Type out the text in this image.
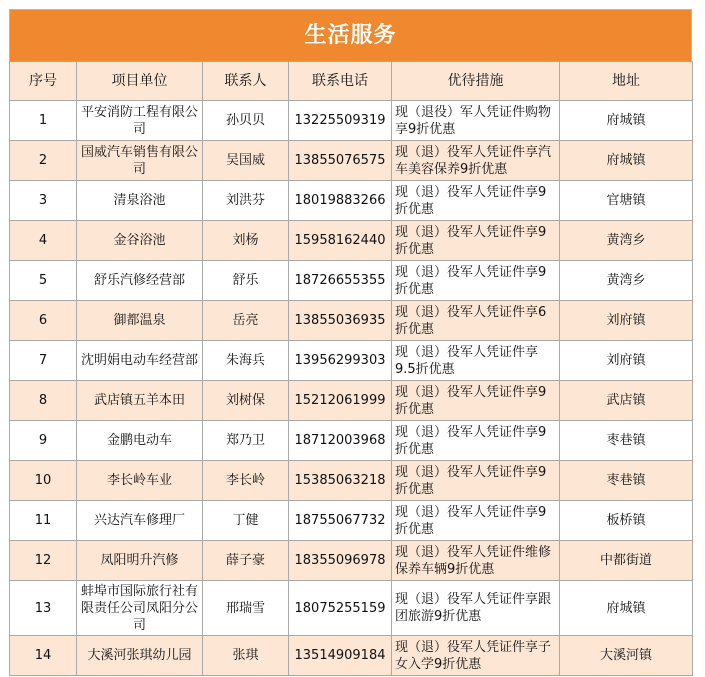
生活服务
序号	项目单位	联系人	联系电话	优待措施	地址
1	平安消防工程有限公司	孙贝贝	13225509319	现（退役）军人凭证件购物享9折优惠	府城镇
2	国威汽车销售有限公司	吴国威	13855076575	现（退）役军人凭证件享汽车美容保养9折优惠	府城镇
3	清泉浴池	刘洪芬	18019883266	现（退）役军人凭证件享9折优惠	官塘镇
4	金谷浴池	刘杨	15958162440	现（退）役军人凭证件享9折优惠	黄湾乡
5	舒乐汽修经营部	舒乐	18726655355	现（退）役军人凭证件享9折优惠	黄湾乡
6	御都温泉	岳亮	13855036935	现（退）役军人凭证件享6折优惠	刘府镇
7	沈明娟电动车经营部	朱海兵	13956299303	现（退）役军人凭证件享9.5折优惠	刘府镇
8	武店镇五羊本田	刘树保	15212061999	现（退）役军人凭证件享9折优惠	武店镇
9	金鹏电动车	郑乃卫	18712003968	现（退）役军人凭证件享9折优惠	枣巷镇
10	李长岭车业	李长岭	15385063218	现（退）役军人凭证件享9折优惠	枣巷镇
11	兴达汽车修理厂	丁健	18755067732	现（退）役军人凭证件享9折优惠	板桥镇
12	凤阳明升汽修	薛子豪	18355096978	现（退）役军人凭证件维修保养车辆9折优惠	中都街道
13	蚌埠市国际旅行社有限责任公司凤阳分公司	邢瑞雪	18075255159	现（退）役军人凭证件享跟团旅游9折优惠	府城镇
14	大溪河张琪幼儿园	张琪	13514909184	现（退）役军人凭证件享子女入学9折优惠	大溪河镇
